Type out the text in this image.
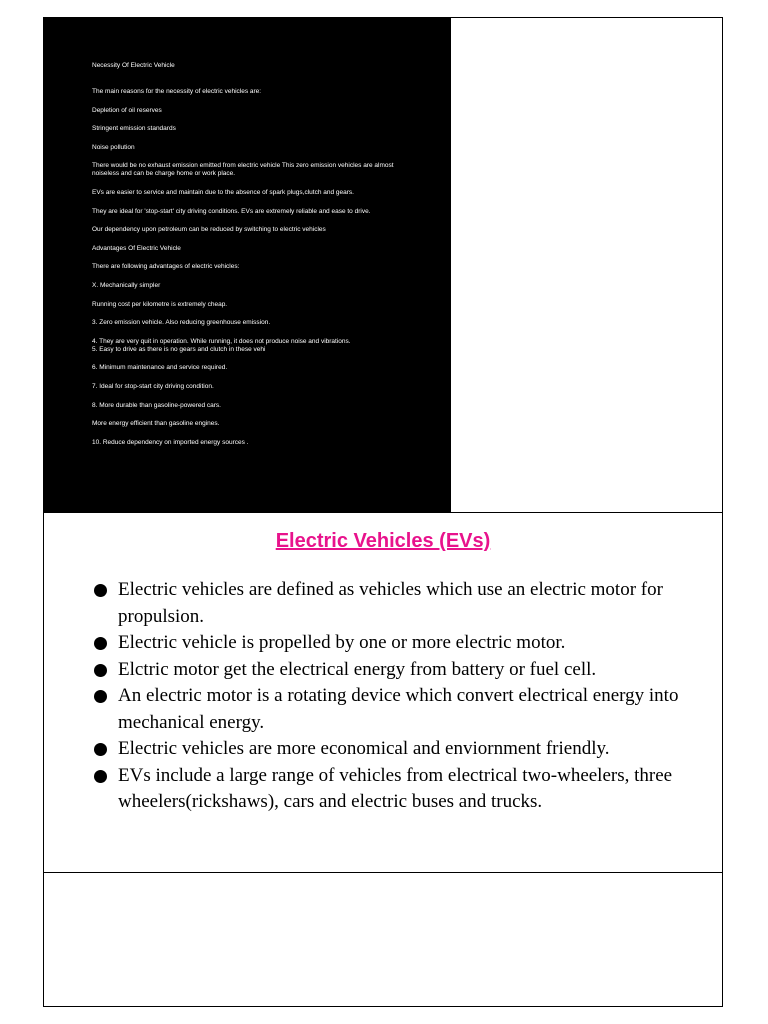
Necessity Of Electric Vehicle

The main reasons for the necessity of electric vehicles are:

Depletion of oil reserves

Stringent emission standards

Noise pollution

There would be no exhaust emission emitted from electric vehicle This zero emission vehicles are almost noiseless and can be charge home or work place.

EVs are easier to service and maintain due to the absence of spark plugs,clutch and gears.

They are ideal for 'stop-start' city driving conditions. EVs are extremely reliable and ease to drive.

Our dependency upon petroleum can be reduced by switching to electric vehicles

Advantages Of Electric Vehicle

There are following advantages of electric vehicles:

X. Mechanically simpler

Running cost per kilometre is extremely cheap.

3. Zero emission vehicle. Also reducing greenhouse emission.

4. They are very quit in operation. While running, it does not produce noise and vibrations.

5. Easy to drive as there is no gears and clutch in these vehi

6. Minimum maintenance and service required.

7. Ideal for stop-start city driving condition.

8. More durable than gasoline-powered cars.

More energy efficient than gasoline engines.

10. Reduce dependency on imported energy sources .

Electric Vehicles (EVs)
Electric vehicles are defined as vehicles which use an electric motor for propulsion.
Electric vehicle is propelled by one or more electric motor.
Elctric motor get the electrical energy from battery or fuel cell.
An electric motor is a rotating device which convert electrical energy into mechanical energy.
Electric vehicles are more economical and enviornment friendly.
EVs include a large range of vehicles from electrical two-wheelers, three wheelers(rickshaws), cars and electric buses and trucks.
